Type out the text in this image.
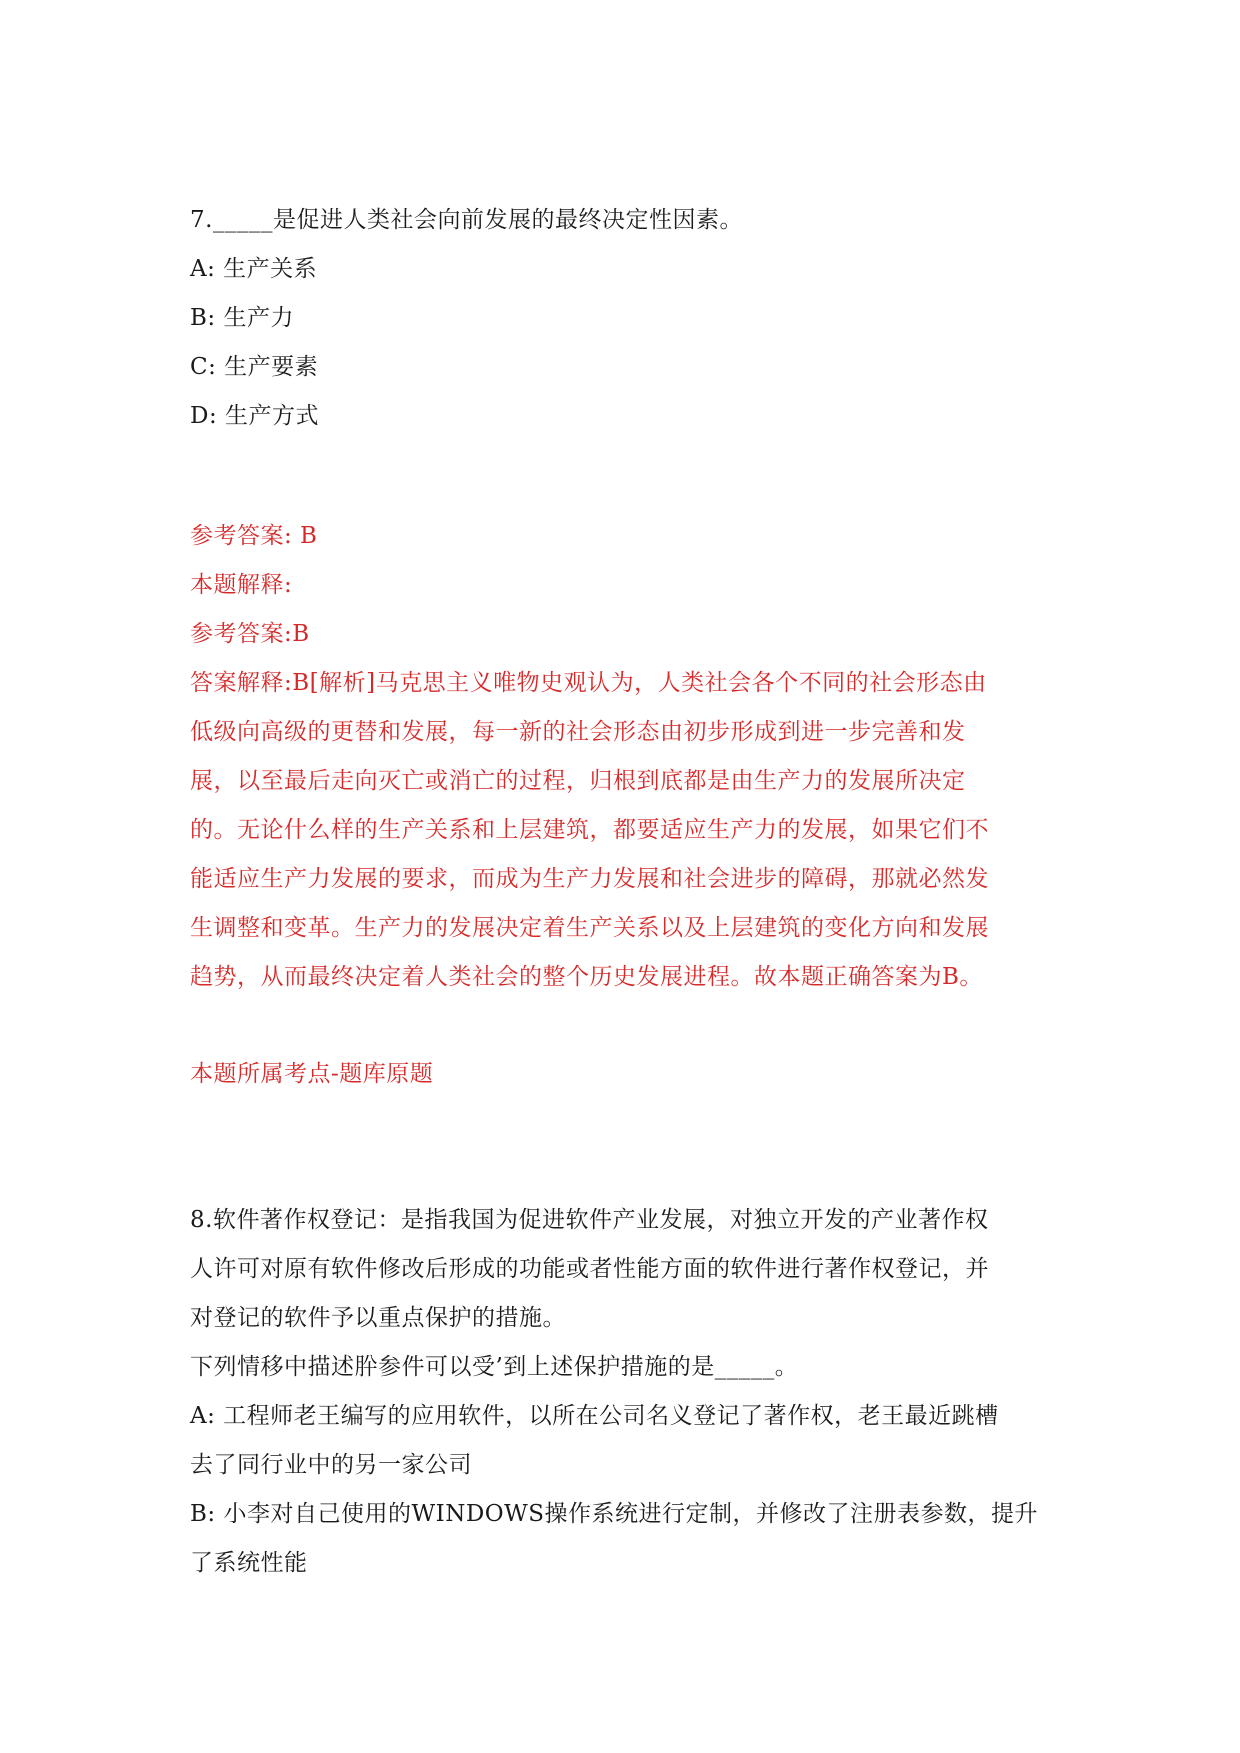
7._____是促进人类社会向前发展的最终决定性因素。
A: 生产关系
B: 生产力
C: 生产要素
D: 生产方式
参考答案: B
本题解释:
参考答案:B
答案解释:B[解析]马克思主义唯物史观认为，人类社会各个不同的社会形态由
低级向高级的更替和发展，每一新的社会形态由初步形成到进一步完善和发
展，以至最后走向灭亡或消亡的过程，归根到底都是由生产力的发展所决定
的。无论什么样的生产关系和上层建筑，都要适应生产力的发展，如果它们不
能适应生产力发展的要求，而成为生产力发展和社会进步的障碍，那就必然发
生调整和变革。生产力的发展决定着生产关系以及上层建筑的变化方向和发展
趋势，从而最终决定着人类社会的整个历史发展进程。故本题正确答案为B。
本题所属考点-题库原题
8.软件著作权登记：是指我国为促进软件产业发展，对独立开发的产业著作权
人许可对原有软件修改后形成的功能或者性能方面的软件进行著作权登记，并
对登记的软件予以重点保护的措施。
下列情移中描述肸参件可以受’到上述保护措施的是_____。
A: 工程师老王编写的应用软件，以所在公司名义登记了著作权，老王最近跳槽
去了同行业中的另一家公司
B: 小李对自己使用的WINDOWS操作系统进行定制，并修改了注册表参数，提升
了系统性能
